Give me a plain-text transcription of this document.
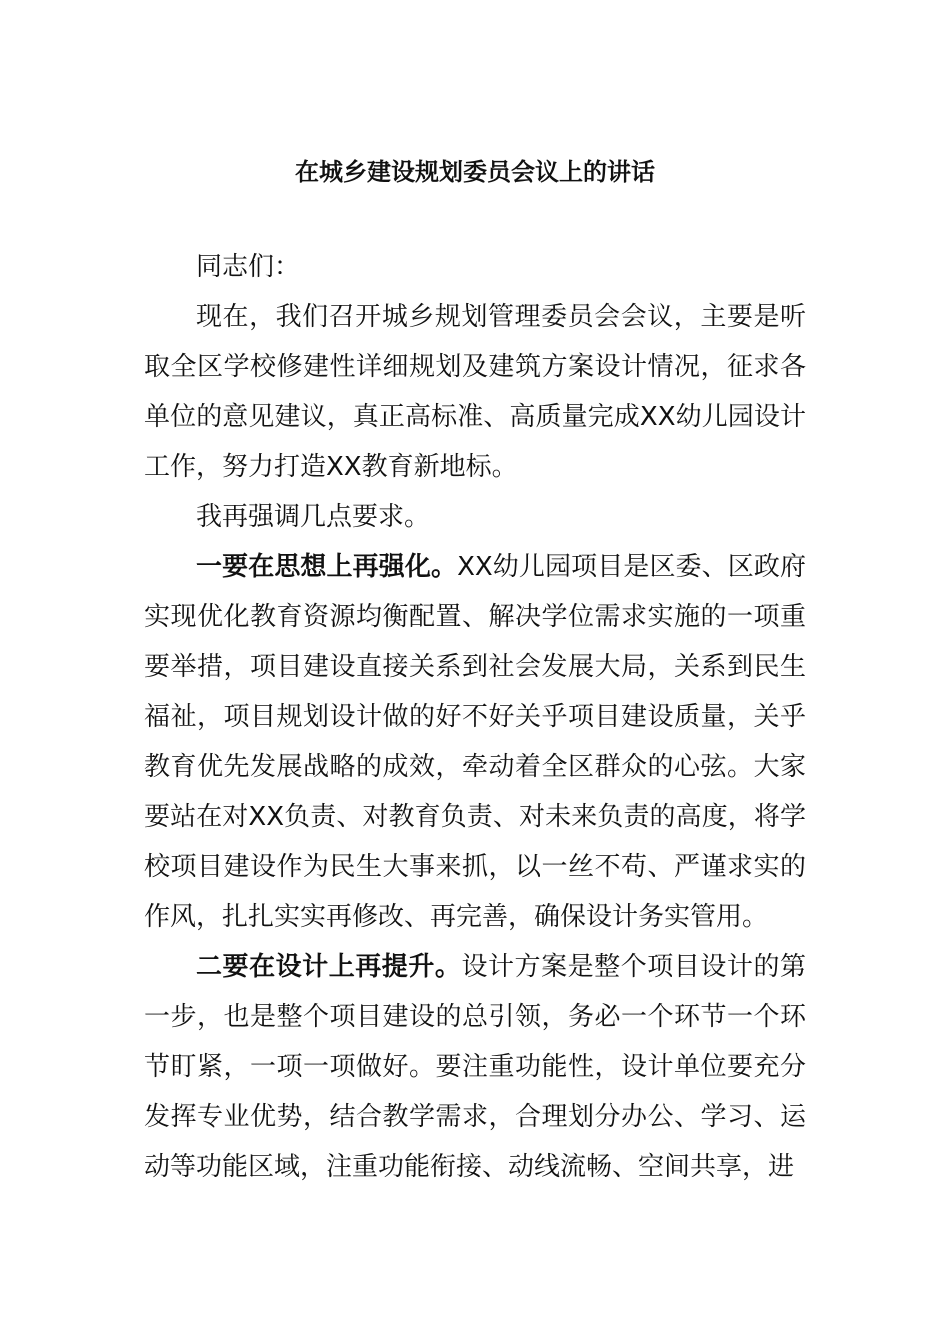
在城乡建设规划委员会议上的讲话

同志们：

现在，我们召开城乡规划管理委员会会议，主要是听取全区学校修建性详细规划及建筑方案设计情况，征求各单位的意见建议，真正高标准、高质量完成XX幼儿园设计工作，努力打造XX教育新地标。

我再强调几点要求。

一要在思想上再强化。XX幼儿园项目是区委、区政府实现优化教育资源均衡配置、解决学位需求实施的一项重要举措，项目建设直接关系到社会发展大局，关系到民生福祉，项目规划设计做的好不好关乎项目建设质量，关乎教育优先发展战略的成效，牵动着全区群众的心弦。大家要站在对XX负责、对教育负责、对未来负责的高度，将学校项目建设作为民生大事来抓，以一丝不苟、严谨求实的作风，扎扎实实再修改、再完善，确保设计务实管用。

二要在设计上再提升。设计方案是整个项目设计的第一步，也是整个项目建设的总引领，务必一个环节一个环节盯紧，一项一项做好。要注重功能性，设计单位要充分发挥专业优势，结合教学需求，合理划分办公、学习、运动等功能区域，注重功能衔接、动线流畅、空间共享，进
